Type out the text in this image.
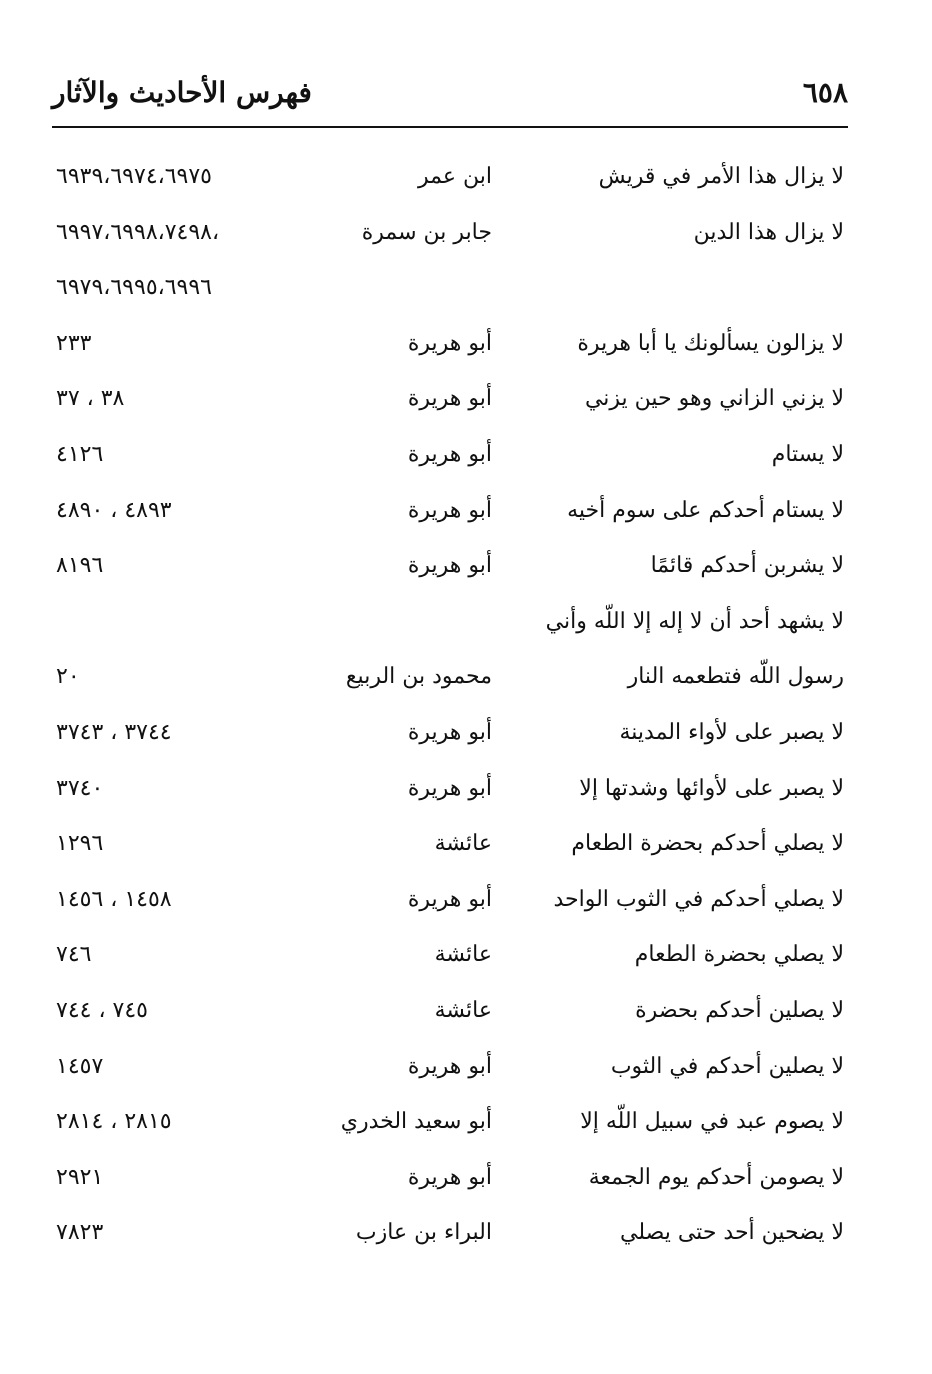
٦٥٨
فهرس الأحاديث والآثار
لا يزال هذا الأمر في قريش
ابن عمر
٦٩٣٩،٦٩٧٤،٦٩٧٥
لا يزال هذا الدين
جابر بن سمرة
٦٩٩٧،٦٩٩٨،٧٤٩٨،
٦٩٧٩،٦٩٩٥،٦٩٩٦
لا يزالون يسألونك يا أبا هريرة
أبو هريرة
٢٣٣
لا يزني الزاني وهو حين يزني
أبو هريرة
٣٧ ، ٣٨
لا يستام
أبو هريرة
٤١٢٦
لا يستام أحدكم على سوم أخيه
أبو هريرة
٤٨٩٠ ، ٤٨٩٣
لا يشربن أحدكم قائمًا
أبو هريرة
٨١٩٦
لا يشهد أحد أن لا إله إلا اللّه وأني
رسول اللّه فتطعمه النار
محمود بن الربيع
٢٠
لا يصبر على لأواء المدينة
أبو هريرة
٣٧٤٣ ، ٣٧٤٤
لا يصبر على لأوائها وشدتها إلا
أبو هريرة
٣٧٤٠
لا يصلي أحدكم بحضرة الطعام
عائشة
١٢٩٦
لا يصلي أحدكم في الثوب الواحد
أبو هريرة
١٤٥٦ ، ١٤٥٨
لا يصلي بحضرة الطعام
عائشة
٧٤٦
لا يصلين أحدكم بحضرة
عائشة
٧٤٤ ، ٧٤٥
لا يصلين أحدكم في الثوب
أبو هريرة
١٤٥٧
لا يصوم عبد في سبيل اللّه إلا
أبو سعيد الخدري
٢٨١٤ ، ٢٨١٥
لا يصومن أحدكم يوم الجمعة
أبو هريرة
٢٩٢١
لا يضحين أحد حتى يصلي
البراء بن عازب
٧٨٢٣
